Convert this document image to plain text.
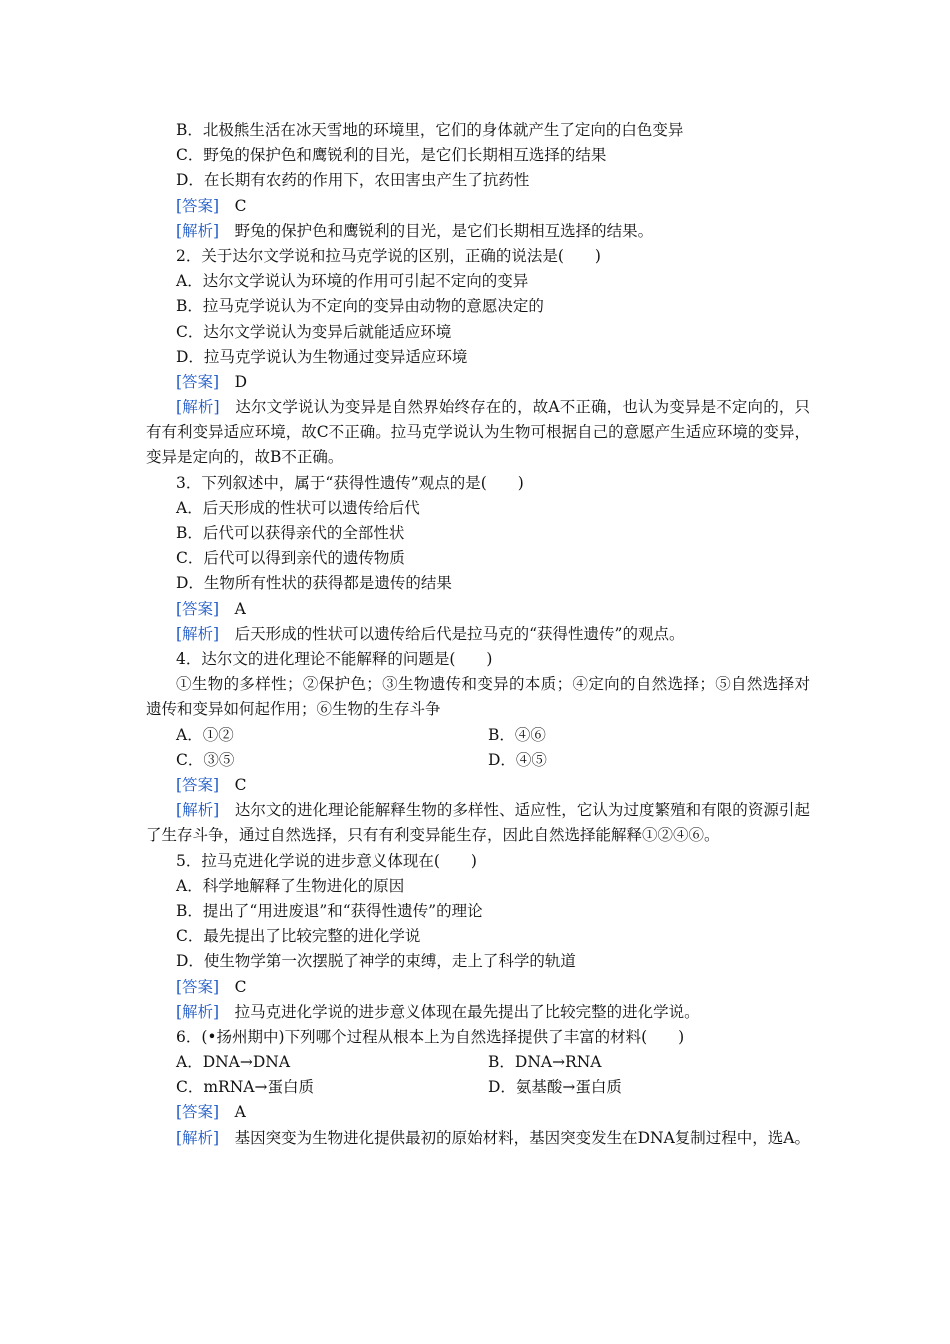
B．北极熊生活在冰天雪地的环境里，它们的身体就产生了定向的白色变异
C．野兔的保护色和鹰锐利的目光，是它们长期相互选择的结果
D．在长期有农药的作用下，农田害虫产生了抗药性
[答案]　C
[解析]　野兔的保护色和鹰锐利的目光，是它们长期相互选择的结果。
2．关于达尔文学说和拉马克学说的区别，正确的说法是(　　)
A．达尔文学说认为环境的作用可引起不定向的变异
B．拉马克学说认为不定向的变异由动物的意愿决定的
C．达尔文学说认为变异后就能适应环境
D．拉马克学说认为生物通过变异适应环境
[答案]　D
[解析]　达尔文学说认为变异是自然界始终存在的，故A不正确，也认为变异是不定向的，只有有利变异适应环境，故C不正确。拉马克学说认为生物可根据自己的意愿产生适应环境的变异，变异是定向的，故B不正确。
3．下列叙述中，属于“获得性遗传”观点的是(　　)
A．后天形成的性状可以遗传给后代
B．后代可以获得亲代的全部性状
C．后代可以得到亲代的遗传物质
D．生物所有性状的获得都是遗传的结果
[答案]　A
[解析]　后天形成的性状可以遗传给后代是拉马克的“获得性遗传”的观点。
4．达尔文的进化理论不能解释的问题是(　　)
①生物的多样性；②保护色；③生物遗传和变异的本质；④定向的自然选择；⑤自然选择对遗传和变异如何起作用；⑥生物的生存斗争
A．①②	B．④⑥
C．③⑤	D．④⑤
[答案]　C
[解析]　达尔文的进化理论能解释生物的多样性、适应性，它认为过度繁殖和有限的资源引起了生存斗争，通过自然选择，只有有利变异能生存，因此自然选择能解释①②④⑥。
5．拉马克进化学说的进步意义体现在(　　)
A．科学地解释了生物进化的原因
B．提出了“用进废退”和“获得性遗传”的理论
C．最先提出了比较完整的进化学说
D．使生物学第一次摆脱了神学的束缚，走上了科学的轨道
[答案]　C
[解析]　拉马克进化学说的进步意义体现在最先提出了比较完整的进化学说。
6．(•扬州期中)下列哪个过程从根本上为自然选择提供了丰富的材料(　　)
A．DNA→DNA	B．DNA→RNA
C．mRNA→蛋白质	D．氨基酸→蛋白质
[答案]　A
[解析]　基因突变为生物进化提供最初的原始材料，基因突变发生在DNA复制过程中，选A。
